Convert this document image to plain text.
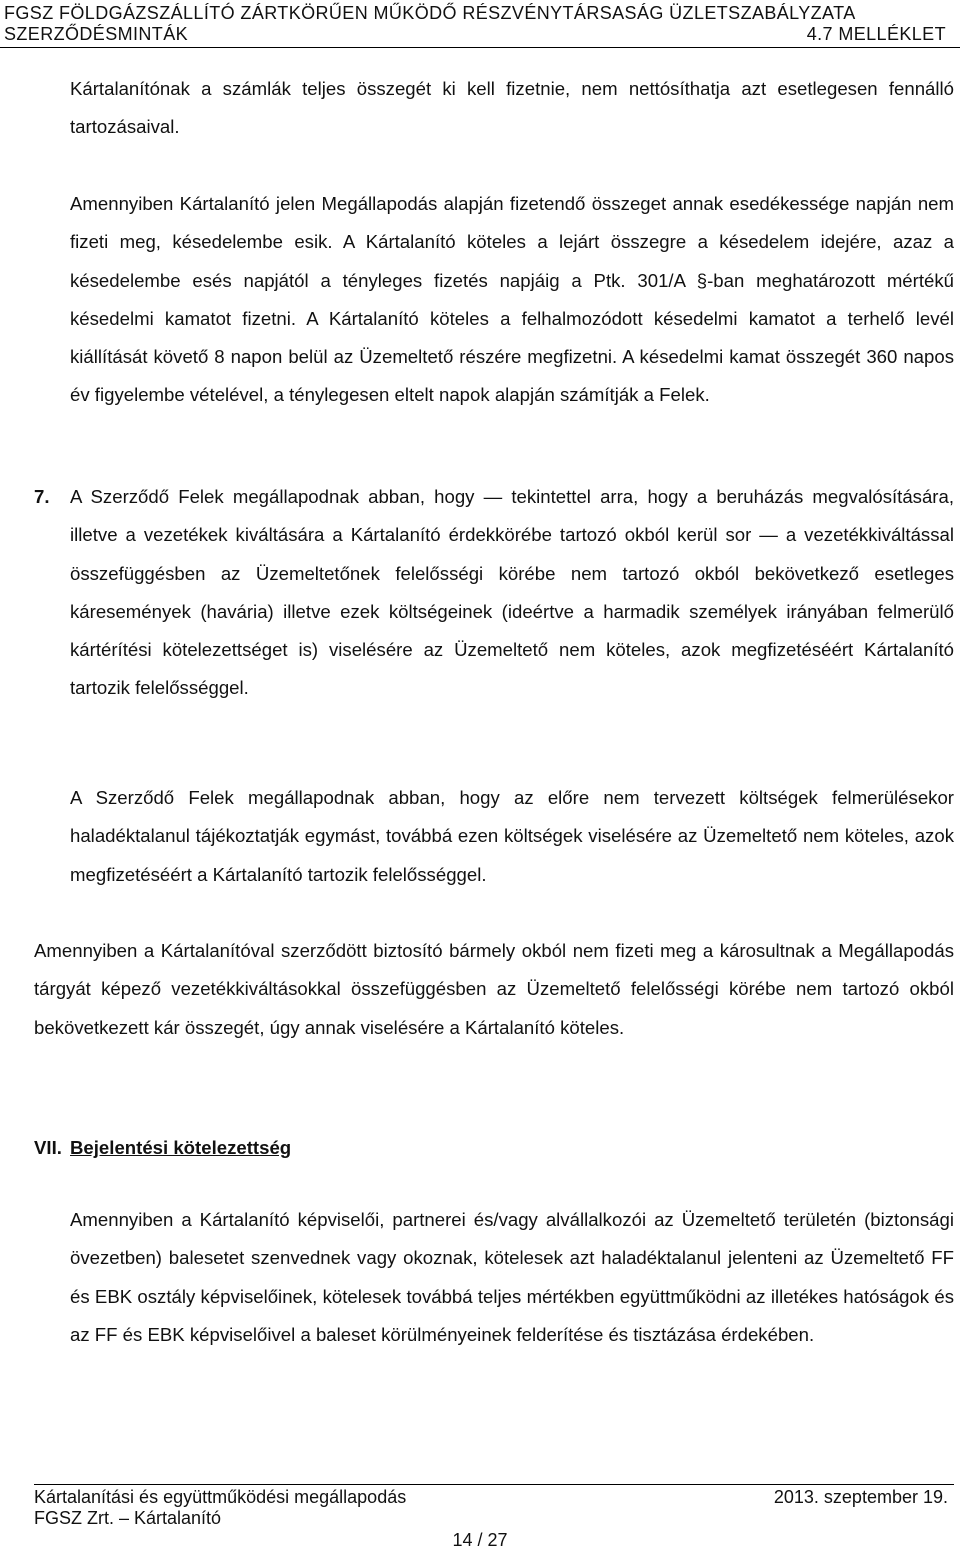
FGSZ FÖLDGÁZSZÁLLÍTÓ ZÁRTKÖRŰEN MŰKÖDŐ RÉSZVÉNYTÁRSASÁG ÜZLETSZABÁLYZATA
SZERZŐDÉSMINTÁK	4.7 MELLÉKLET
Kártalanítónak a számlák teljes összegét ki kell fizetnie, nem nettósíthatja azt esetlegesen fennálló tartozásaival.
Amennyiben Kártalanító jelen Megállapodás alapján fizetendő összeget annak esedékessége napján nem fizeti meg, késedelembe esik. A Kártalanító köteles a lejárt összegre a késedelem idejére, azaz a késedelembe esés napjától a tényleges fizetés napjáig a Ptk. 301/A §-ban meghatározott mértékű késedelmi kamatot fizetni. A Kártalanító köteles a felhalmozódott késedelmi kamatot a terhelő levél kiállítását követő 8 napon belül az Üzemeltető részére megfizetni. A késedelmi kamat összegét 360 napos év figyelembe vételével, a ténylegesen eltelt napok alapján számítják a Felek.
7. A Szerződő Felek megállapodnak abban, hogy — tekintettel arra, hogy a beruházás megvalósítására, illetve a vezetékek kiváltására a Kártalanító érdekkörébe tartozó okból kerül sor — a vezetékkiváltással összefüggésben az Üzemeltetőnek felelősségi körébe nem tartozó okból bekövetkező esetleges káresemények (havária) illetve ezek költségeinek (ideértve a harmadik személyek irányában felmerülő kártérítési kötelezettséget is) viselésére az Üzemeltető nem köteles, azok megfizetéséért Kártalanító tartozik felelősséggel.
A Szerződő Felek megállapodnak abban, hogy az előre nem tervezett költségek felmerülésekor haladéktalanul tájékoztatják egymást, továbbá ezen költségek viselésére az Üzemeltető nem köteles, azok megfizetéséért a Kártalanító tartozik felelősséggel.
Amennyiben a Kártalanítóval szerződött biztosító bármely okból nem fizeti meg a károsultnak a Megállapodás tárgyát képező vezetékkiváltásokkal összefüggésben az Üzemeltető felelősségi körébe nem tartozó okból bekövetkezett kár összegét, úgy annak viselésére a Kártalanító köteles.
VII. Bejelentési kötelezettség
Amennyiben a Kártalanító képviselői, partnerei és/vagy alvállalkozói az Üzemeltető területén (biztonsági övezetben) balesetet szenvednek vagy okoznak, kötelesek azt haladéktalanul jelenteni az Üzemeltető FF és EBK osztály képviselőinek, kötelesek továbbá teljes mértékben együttműködni az illetékes hatóságok és az FF és EBK képviselőivel a baleset körülményeinek felderítése és tisztázása érdekében.
Kártalanítási és együttműködési megállapodás
FGSZ Zrt. – Kártalanító
2013. szeptember 19.
14 / 27
